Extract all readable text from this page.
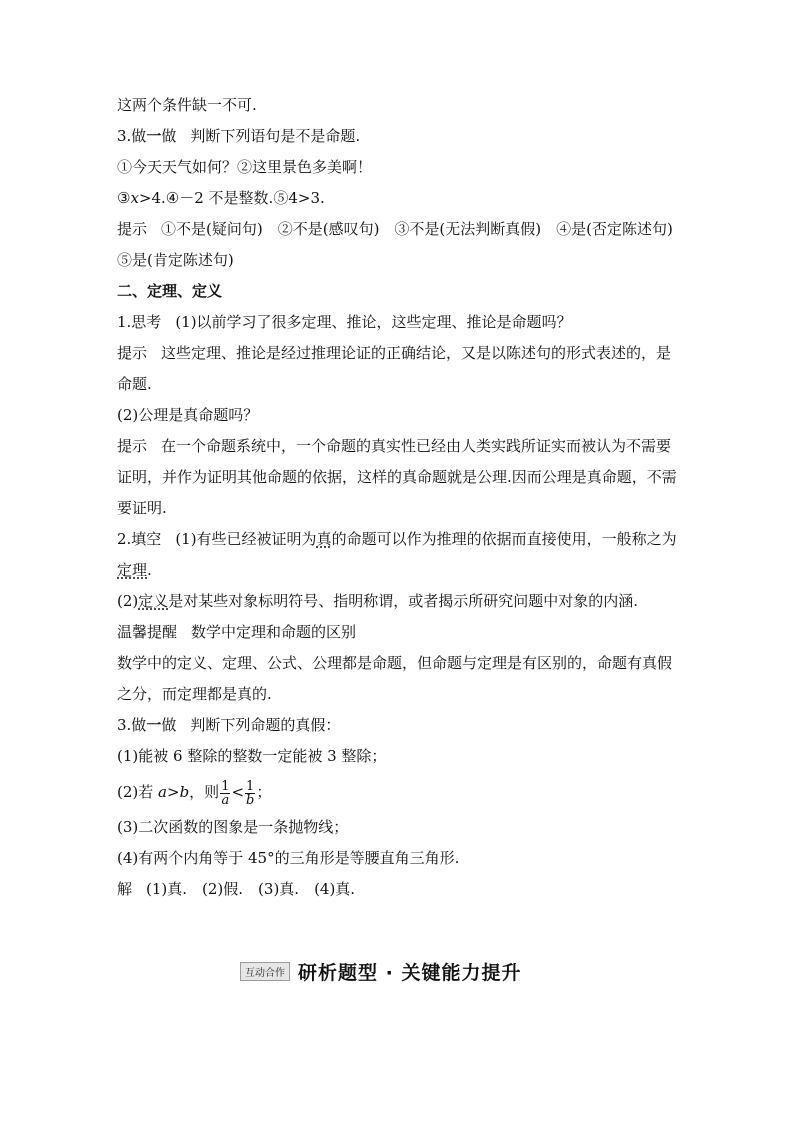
这两个条件缺一不可.
3.做一做 判断下列语句是不是命题.
①今天天气如何？②这里景色多美啊！
③x>4.④－2 不是整数.⑤4>3.
提示 ①不是(疑问句)　②不是(感叹句)　③不是(无法判断真假)　④是(否定陈述句)
⑤是(肯定陈述句)
二、定理、定义
1.思考 (1)以前学习了很多定理、推论，这些定理、推论是命题吗？
提示 这些定理、推论是经过推理论证的正确结论，又是以陈述句的形式表述的，是命题.
(2)公理是真命题吗？
提示 在一个命题系统中，一个命题的真实性已经由人类实践所证实而被认为不需要证明，并作为证明其他命题的依据，这样的真命题就是公理.因而公理是真命题，不需要证明.
2.填空 (1)有些已经被证明为真的命题可以作为推理的依据而直接使用，一般称之为定理.
(2)定义是对某些对象标明符号、指明称谓，或者揭示所研究问题中对象的内涵.
温馨提醒 数学中定理和命题的区别
数学中的定义、定理、公式、公理都是命题，但命题与定理是有区别的，命题有真假之分，而定理都是真的.
3.做一做 判断下列命题的真假：
(1)能被 6 整除的整数一定能被 3 整除；
(2)若 a>b，则 $\frac{1}{a} < \frac{1}{b}$ ；
(3)二次函数的图象是一条抛物线；
(4)有两个内角等于 45°的三角形是等腰直角三角形.
解 (1)真.　(2)假.　(3)真.　(4)真.
互动合作 研析题型 · 关键能力提升
